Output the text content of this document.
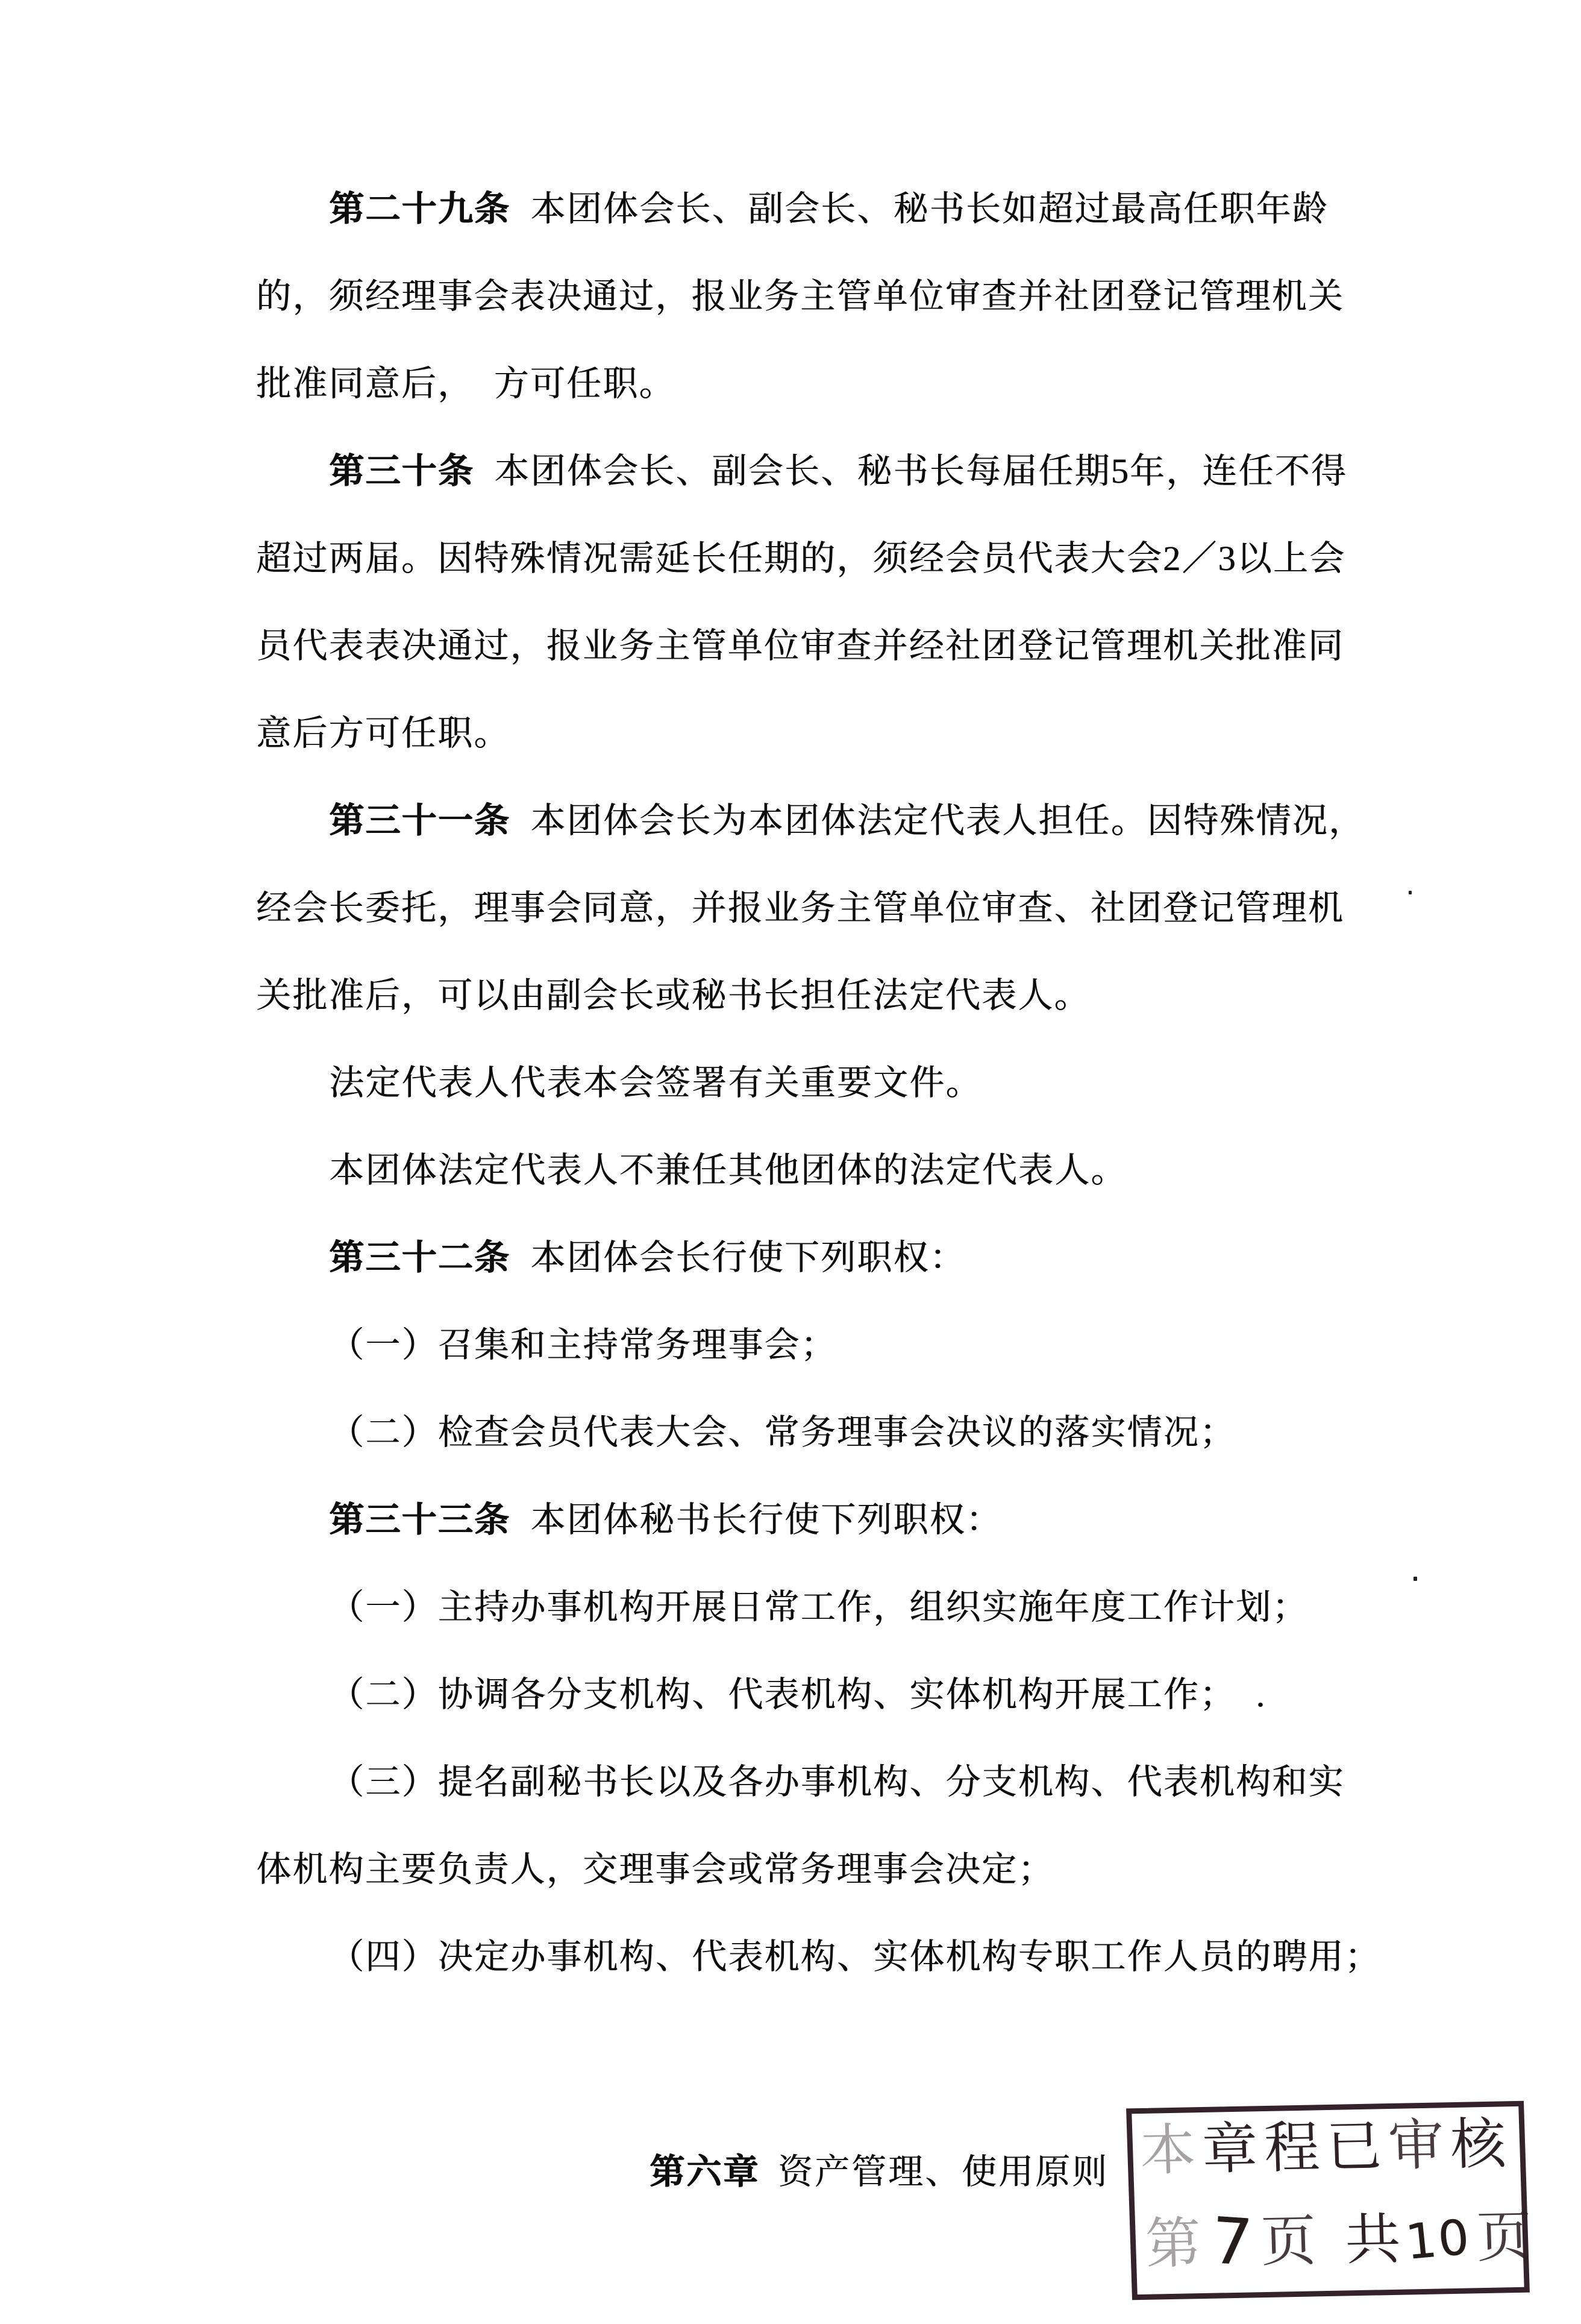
第二十九条  本团体会长、副会长、秘书长如超过最高任职年龄
的，须经理事会表决通过，报业务主管单位审查并社团登记管理机关
批准同意后，  方可任职。
第三十条  本团体会长、副会长、秘书长每届任期5年，连任不得
超过两届。因特殊情况需延长任期的，须经会员代表大会2／3以上会
员代表表决通过，报业务主管单位审查并经社团登记管理机关批准同
意后方可任职。
第三十一条  本团体会长为本团体法定代表人担任。因特殊情况，
经会长委托，理事会同意，并报业务主管单位审查、社团登记管理机
关批准后，可以由副会长或秘书长担任法定代表人。
法定代表人代表本会签署有关重要文件。
本团体法定代表人不兼任其他团体的法定代表人。
第三十二条  本团体会长行使下列职权：
（一）召集和主持常务理事会；
（二）检查会员代表大会、常务理事会决议的落实情况；
第三十三条  本团体秘书长行使下列职权：
（一）主持办事机构开展日常工作，组织实施年度工作计划；
（二）协调各分支机构、代表机构、实体机构开展工作；  .
（三）提名副秘书长以及各办事机构、分支机构、代表机构和实
体机构主要负责人，交理事会或常务理事会决定；
（四）决定办事机构、代表机构、实体机构专职工作人员的聘用；

第六章 资产管理、使用原则
本章程已审核
第 7 页 共10页
